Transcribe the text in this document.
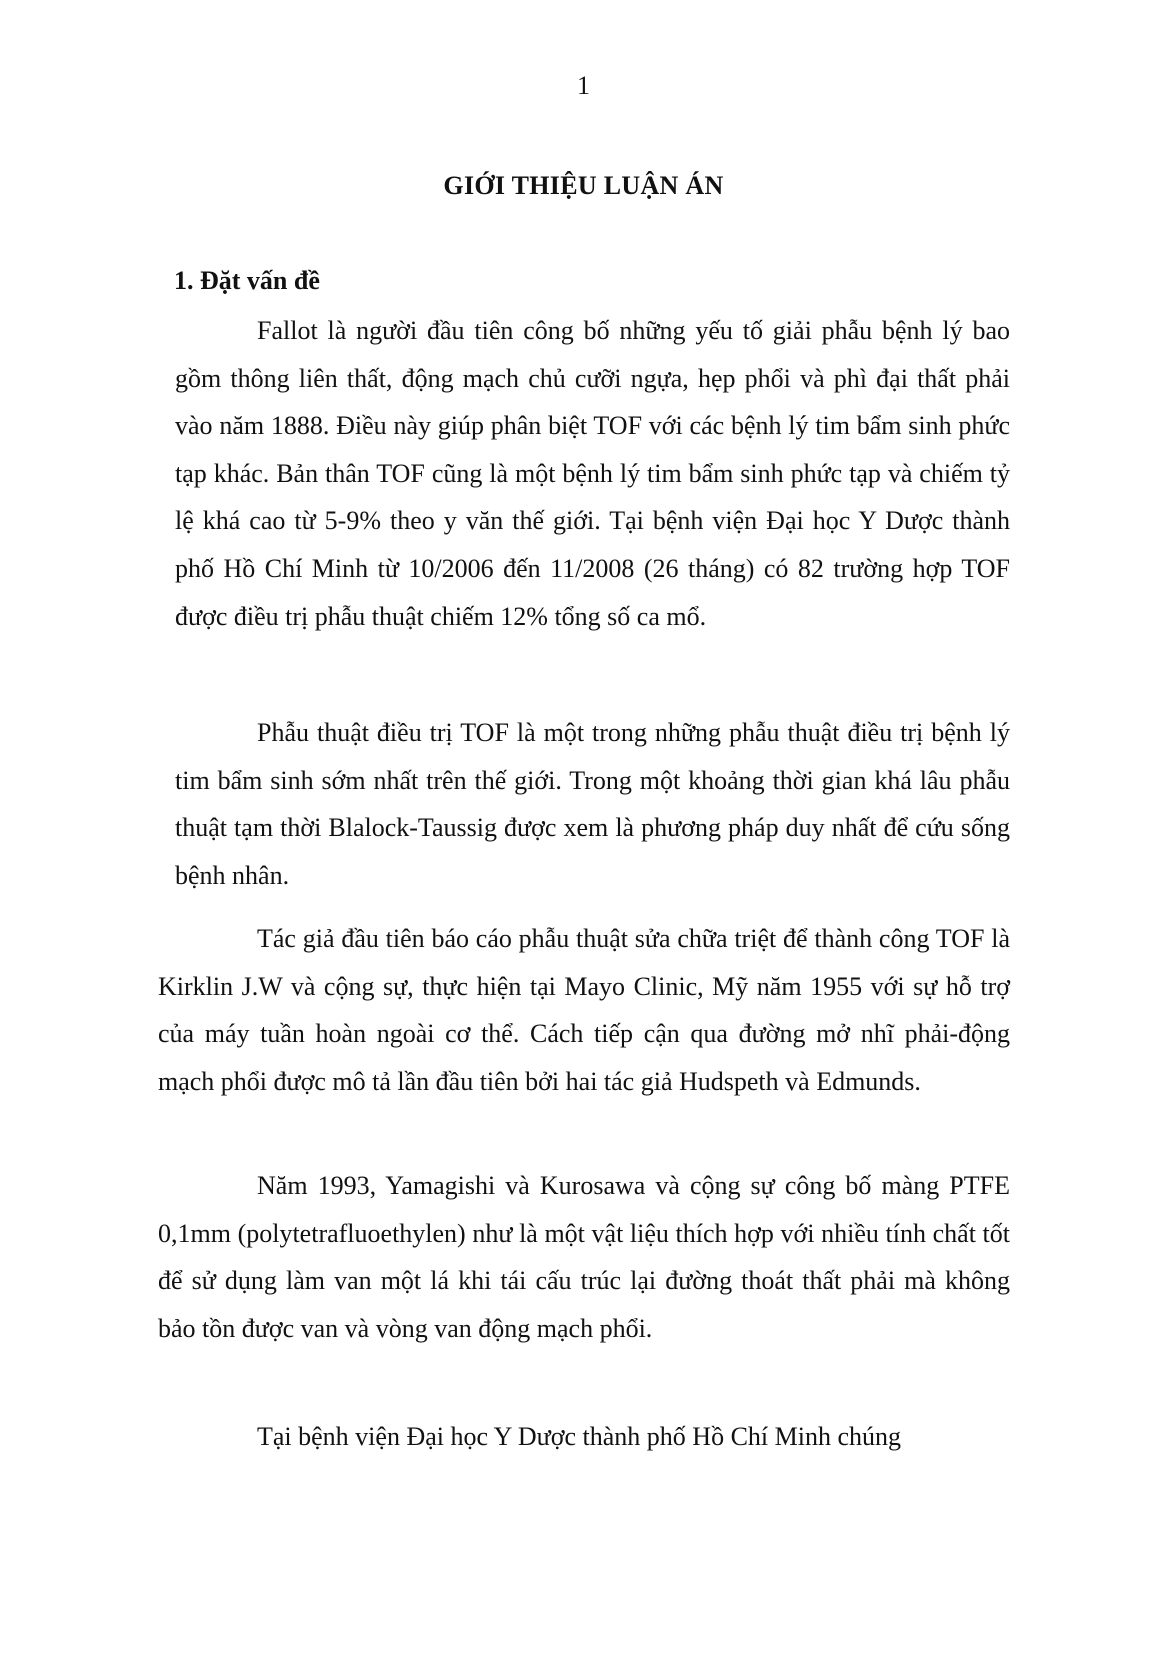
1
GIỚI THIỆU LUẬN ÁN
1. Đặt vấn đề

Fallot là người đầu tiên công bố những yếu tố giải phẫu bệnh lý bao gồm thông liên thất, động mạch chủ cưỡi ngựa, hẹp phổi và phì đại thất phải vào năm 1888. Điều này giúp phân biệt TOF với các bệnh lý tim bẩm sinh phức tạp khác. Bản thân TOF cũng là một bệnh lý tim bẩm sinh phức tạp và chiếm tỷ lệ khá cao từ 5-9% theo y văn thế giới. Tại bệnh viện Đại học Y Dược thành phố Hồ Chí Minh từ 10/2006 đến 11/2008 (26 tháng) có 82 trường hợp TOF được điều trị phẫu thuật chiếm 12% tổng số ca mổ.

Phẫu thuật điều trị TOF là một trong những phẫu thuật điều trị bệnh lý tim bẩm sinh sớm nhất trên thế giới. Trong một khoảng thời gian khá lâu phẫu thuật tạm thời Blalock-Taussig được xem là phương pháp duy nhất để cứu sống bệnh nhân.

Tác giả đầu tiên báo cáo phẫu thuật sửa chữa triệt để thành công TOF là Kirklin J.W và cộng sự, thực hiện tại Mayo Clinic, Mỹ năm 1955 với sự hỗ trợ của máy tuần hoàn ngoài cơ thể. Cách tiếp cận qua đường mở nhĩ phải-động mạch phổi được mô tả lần đầu tiên bởi hai tác giả Hudspeth và Edmunds.

Năm 1993, Yamagishi và Kurosawa và cộng sự công bố màng PTFE 0,1mm (polytetrafluoethylen) như là một vật liệu thích hợp với nhiều tính chất tốt để sử dụng làm van một lá khi tái cấu trúc lại đường thoát thất phải mà không bảo tồn được van và vòng van động mạch phổi.

Tại bệnh viện Đại học Y Dược thành phố Hồ Chí Minh chúng
